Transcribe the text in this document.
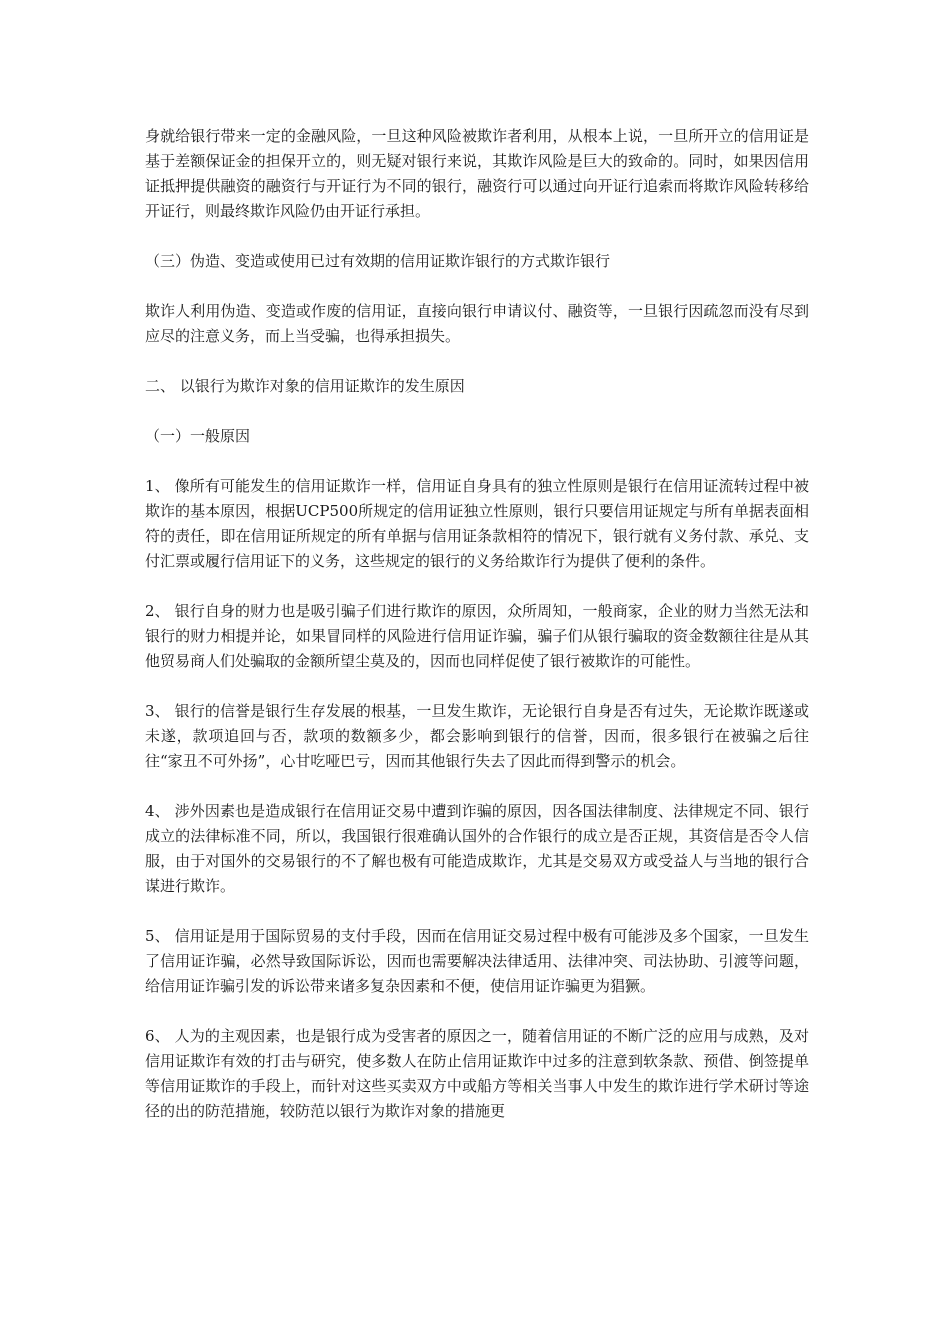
身就给银行带来一定的金融风险，一旦这种风险被欺诈者利用，从根本上说，一旦所开立的信用证是基于差额保证金的担保开立的，则无疑对银行来说，其欺诈风险是巨大的致命的。同时，如果因信用证抵押提供融资的融资行与开证行为不同的银行，融资行可以通过向开证行追索而将欺诈风险转移给开证行，则最终欺诈风险仍由开证行承担。

（三）伪造、变造或使用已过有效期的信用证欺诈银行的方式欺诈银行

欺诈人利用伪造、变造或作废的信用证，直接向银行申请议付、融资等，一旦银行因疏忽而没有尽到应尽的注意义务，而上当受骗，也得承担损失。

二、 以银行为欺诈对象的信用证欺诈的发生原因

（一）一般原因

1、 像所有可能发生的信用证欺诈一样，信用证自身具有的独立性原则是银行在信用证流转过程中被欺诈的基本原因，根据UCP500所规定的信用证独立性原则，银行只要信用证规定与所有单据表面相符的责任，即在信用证所规定的所有单据与信用证条款相符的情况下，银行就有义务付款、承兑、支付汇票或履行信用证下的义务，这些规定的银行的义务给欺诈行为提供了便利的条件。

2、 银行自身的财力也是吸引骗子们进行欺诈的原因，众所周知，一般商家，企业的财力当然无法和银行的财力相提并论，如果冒同样的风险进行信用证诈骗，骗子们从银行骗取的资金数额往往是从其他贸易商人们处骗取的金额所望尘莫及的，因而也同样促使了银行被欺诈的可能性。

3、 银行的信誉是银行生存发展的根基，一旦发生欺诈，无论银行自身是否有过失，无论欺诈既遂或未遂，款项追回与否，款项的数额多少，都会影响到银行的信誉，因而，很多银行在被骗之后往往“家丑不可外扬”，心甘吃哑巴亏，因而其他银行失去了因此而得到警示的机会。

4、 涉外因素也是造成银行在信用证交易中遭到诈骗的原因，因各国法律制度、法律规定不同、银行成立的法律标准不同，所以，我国银行很难确认国外的合作银行的成立是否正规，其资信是否令人信服，由于对国外的交易银行的不了解也极有可能造成欺诈，尤其是交易双方或受益人与当地的银行合谋进行欺诈。

5、 信用证是用于国际贸易的支付手段，因而在信用证交易过程中极有可能涉及多个国家，一旦发生了信用证诈骗，必然导致国际诉讼，因而也需要解决法律适用、法律冲突、司法协助、引渡等问题，给信用证诈骗引发的诉讼带来诸多复杂因素和不便，使信用证诈骗更为猖獗。

6、 人为的主观因素，也是银行成为受害者的原因之一，随着信用证的不断广泛的应用与成熟，及对信用证欺诈有效的打击与研究，使多数人在防止信用证欺诈中过多的注意到软条款、预借、倒签提单等信用证欺诈的手段上，而针对这些买卖双方中或船方等相关当事人中发生的欺诈进行学术研讨等途径的出的防范措施，较防范以银行为欺诈对象的措施更
